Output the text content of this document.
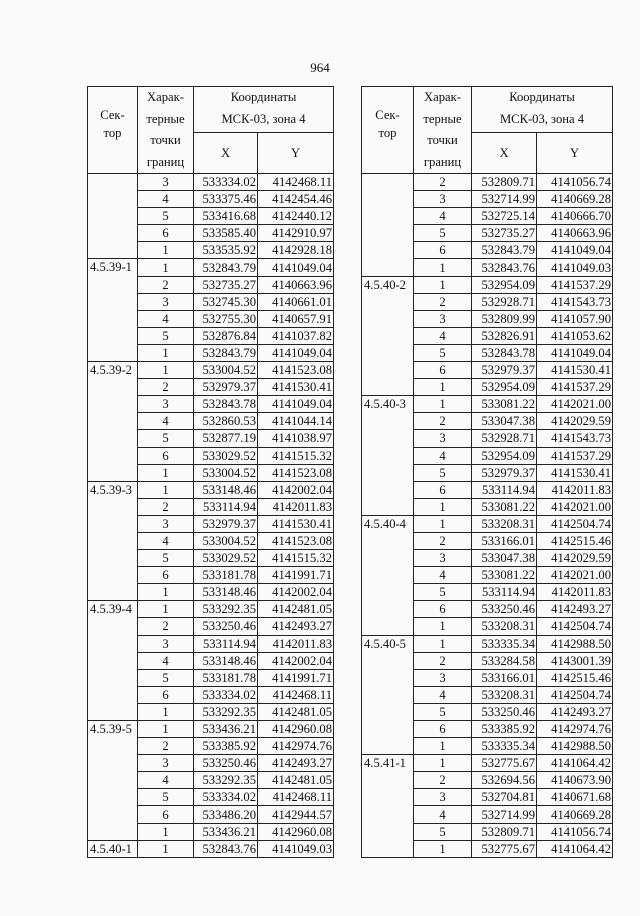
964
Сек-
тор	Харак-
терные
точки
границ	Координаты
МСК-03, зона 4	

		X	Y
	3	533334.02	4142468.11
	4	533375.46	4142454.46
	5	533416.68	4142440.12
	6	533585.40	4142910.97
	1	533535.92	4142928.18
4.5.39-1	1	532843.79	4141049.04
	2	532735.27	4140663.96
	3	532745.30	4140661.01
	4	532755.30	4140657.91
	5	532876.84	4141037.82
	1	532843.79	4141049.04
4.5.39-2	1	533004.52	4141523.08
	2	532979.37	4141530.41
	3	532843.78	4141049.04
	4	532860.53	4141044.14
	5	532877.19	4141038.97
	6	533029.52	4141515.32
	1	533004.52	4141523.08
4.5.39-3	1	533148.46	4142002.04
	2	533114.94	4142011.83
	3	532979.37	4141530.41
	4	533004.52	4141523.08
	5	533029.52	4141515.32
	6	533181.78	4141991.71
	1	533148.46	4142002.04
4.5.39-4	1	533292.35	4142481.05
	2	533250.46	4142493.27
	3	533114.94	4142011.83
	4	533148.46	4142002.04
	5	533181.78	4141991.71
	6	533334.02	4142468.11
	1	533292.35	4142481.05
4.5.39-5	1	533436.21	4142960.08
	2	533385.92	4142974.76
	3	533250.46	4142493.27
	4	533292.35	4142481.05
	5	533334.02	4142468.11
	6	533486.20	4142944.57
	1	533436.21	4142960.08
4.5.40-1	1	532843.76	4141049.03
Сек-
тор	Харак-
терные
точки
границ	Координаты
МСК-03, зона 4	

		X	Y
	2	532809.71	4141056.74
	3	532714.99	4140669.28
	4	532725.14	4140666.70
	5	532735.27	4140663.96
	6	532843.79	4141049.04
	1	532843.76	4141049.03
4.5.40-2	1	532954.09	4141537.29
	2	532928.71	4141543.73
	3	532809.99	4141057.90
	4	532826.91	4141053.62
	5	532843.78	4141049.04
	6	532979.37	4141530.41
	1	532954.09	4141537.29
4.5.40-3	1	533081.22	4142021.00
	2	533047.38	4142029.59
	3	532928.71	4141543.73
	4	532954.09	4141537.29
	5	532979.37	4141530.41
	6	533114.94	4142011.83
	1	533081.22	4142021.00
4.5.40-4	1	533208.31	4142504.74
	2	533166.01	4142515.46
	3	533047.38	4142029.59
	4	533081.22	4142021.00
	5	533114.94	4142011.83
	6	533250.46	4142493.27
	1	533208.31	4142504.74
4.5.40-5	1	533335.34	4142988.50
	2	533284.58	4143001.39
	3	533166.01	4142515.46
	4	533208.31	4142504.74
	5	533250.46	4142493.27
	6	533385.92	4142974.76
	1	533335.34	4142988.50
4.5.41-1	1	532775.67	4141064.42
	2	532694.56	4140673.90
	3	532704.81	4140671.68
	4	532714.99	4140669.28
	5	532809.71	4141056.74
	1	532775.67	4141064.42
